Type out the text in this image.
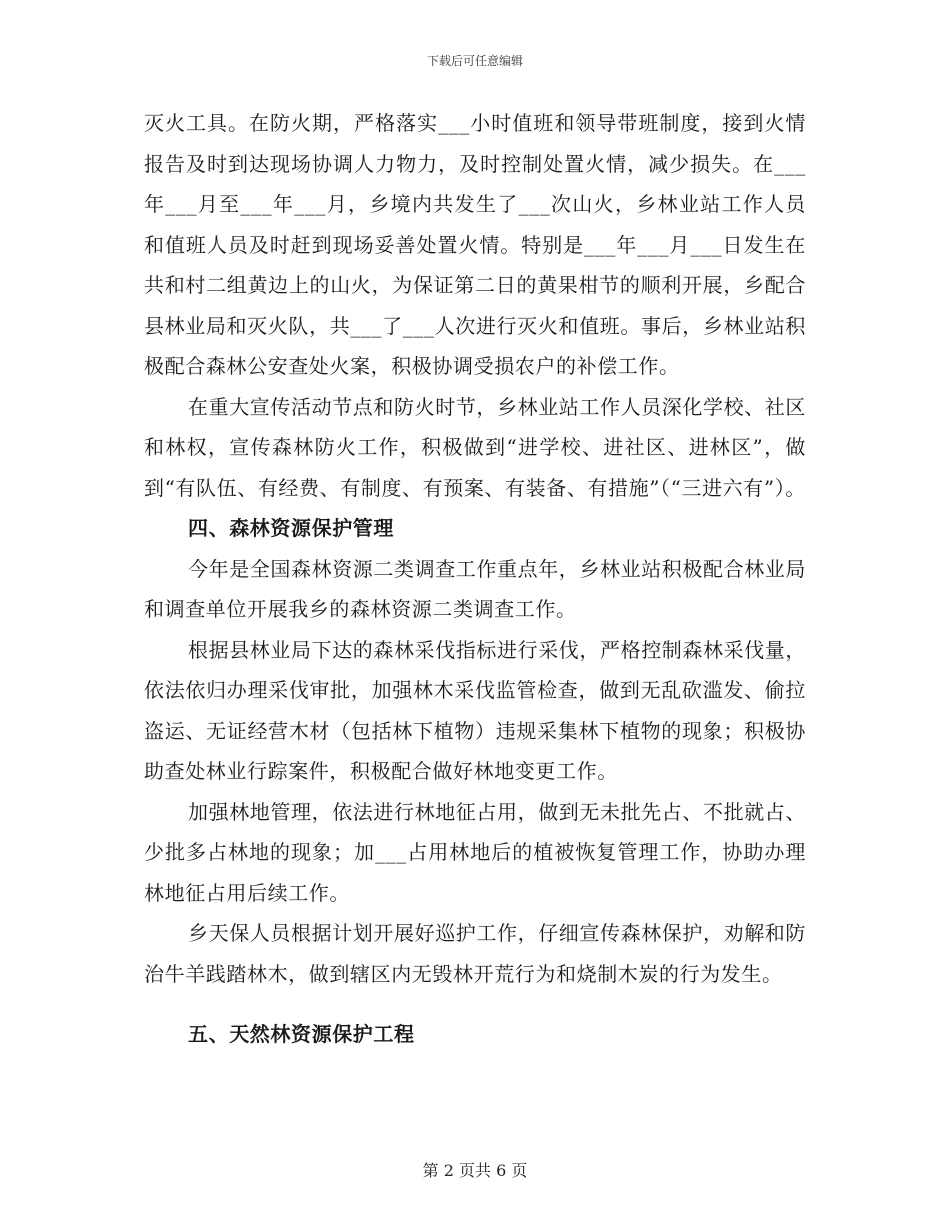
下载后可任意编辑

灭火工具。在防火期，严格落实___小时值班和领导带班制度，接到火情报告及时到达现场协调人力物力，及时控制处置火情，减少损失。在___年___月至___年___月，乡境内共发生了___次山火，乡林业站工作人员和值班人员及时赶到现场妥善处置火情。特别是___年___月___日发生在共和村二组黄边上的山火，为保证第二日的黄果柑节的顺利开展，乡配合县林业局和灭火队，共___了___人次进行灭火和值班。事后，乡林业站积极配合森林公安查处火案，积极协调受损农户的补偿工作。

在重大宣传活动节点和防火时节，乡林业站工作人员深化学校、社区和林权，宣传森林防火工作，积极做到“进学校、进社区、进林区”，做到“有队伍、有经费、有制度、有预案、有装备、有措施”（“三进六有”）。

四、森林资源保护管理

今年是全国森林资源二类调查工作重点年，乡林业站积极配合林业局和调查单位开展我乡的森林资源二类调查工作。

根据县林业局下达的森林采伐指标进行采伐，严格控制森林采伐量，依法依归办理采伐审批，加强林木采伐监管检查，做到无乱砍滥发、偷拉盗运、无证经营木材（包括林下植物）违规采集林下植物的现象；积极协助查处林业行踪案件，积极配合做好林地变更工作。

加强林地管理，依法进行林地征占用，做到无未批先占、不批就占、少批多占林地的现象；加___占用林地后的植被恢复管理工作，协助办理林地征占用后续工作。

乡天保人员根据计划开展好巡护工作，仔细宣传森林保护，劝解和防治牛羊践踏林木，做到辖区内无毁林开荒行为和烧制木炭的行为发生。

五、天然林资源保护工程

第 2 页共 6 页
